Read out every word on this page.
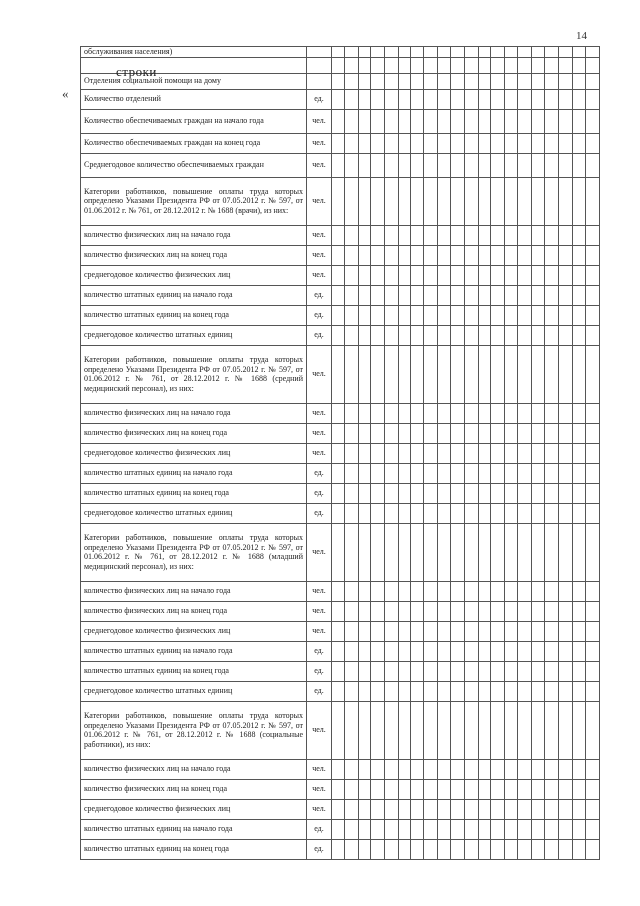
14
«
обслуживания населения)																					

Отделения социальной помощи на дому																					
Количество отделений	ед.																				
Количество обеспечиваемых граждан на начало года	чел.																				
Количество обеспечиваемых граждан на конец года	чел.																				
Среднегодовое количество обеспечиваемых граждан	чел.																				
Категории работников, повышение оплаты труда которых определено Указами Президента РФ от 07.05.2012 г. № 597, от 01.06.2012 г. № 761, от 28.12.2012 г. № 1688 (врачи), из них:	чел.																				
количество физических лиц на начало года	чел.																				
количество физических лиц на конец года	чел.																				
среднегодовое количество физических лиц	чел.																				
количество штатных единиц на начало года	ед.																				
количество штатных единиц на конец года	ед.																				
среднегодовое количество штатных единиц	ед.																				
Категории работников, повышение оплаты труда которых определено Указами Президента РФ от 07.05.2012 г. № 597, от 01.06.2012 г. № 761, от 28.12.2012 г. № 1688 (средний медицинский персонал), из них:	чел.																				
количество физических лиц на начало года	чел.																				
количество физических лиц на конец года	чел.																				
среднегодовое количество физических лиц	чел.																				
количество штатных единиц на начало года	ед.																				
количество штатных единиц на конец года	ед.																				
среднегодовое количество штатных единиц	ед.																				
Категории работников, повышение оплаты труда которых определено Указами Президента РФ от 07.05.2012 г. № 597, от 01.06.2012 г. № 761, от 28.12.2012 г. № 1688 (младший медицинский персонал), из них:	чел.																				
количество физических лиц на начало года	чел.																				
количество физических лиц на конец года	чел.																				
среднегодовое количество физических лиц	чел.																				
количество штатных единиц на начало года	ед.																				
количество штатных единиц на конец года	ед.																				
среднегодовое количество штатных единиц	ед.																				
Категории работников, повышение оплаты труда которых определено Указами Президента РФ от 07.05.2012 г. № 597, от 01.06.2012 г. № 761, от 28.12.2012 г. № 1688 (социальные работники), из них:	чел.																				
количество физических лиц на начало года	чел.																				
количество физических лиц на конец года	чел.																				
среднегодовое количество физических лиц	чел.																				
количество штатных единиц на начало года	ед.																				
количество штатных единиц на конец года	ед.																				
строки
